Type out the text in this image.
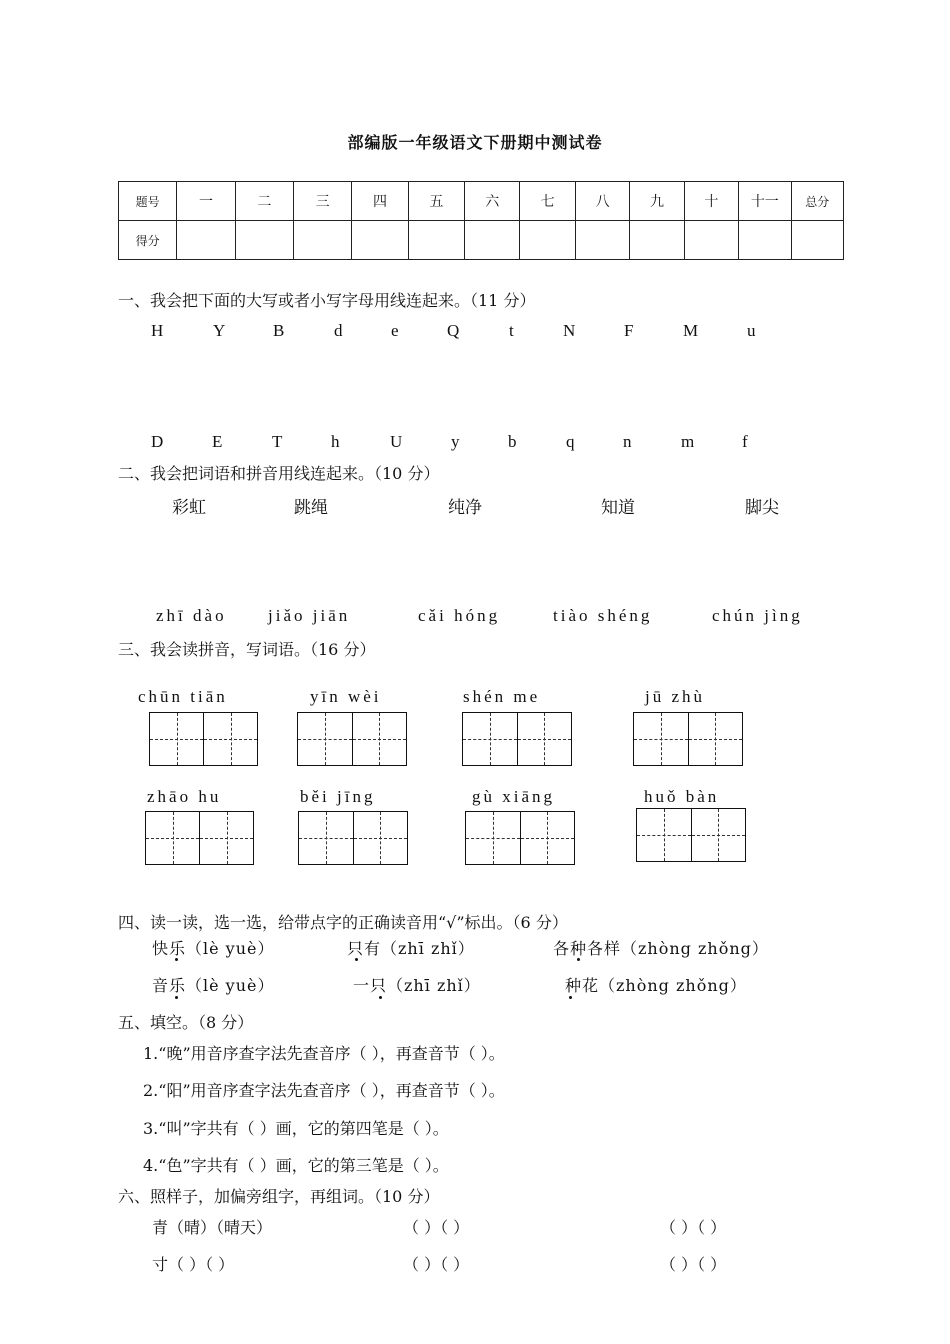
部编版一年级语文下册期中测试卷
题号	一	二	三	四	五	六	七	八	九	十	十一	总分
得分												
一、我会把下面的大写或者小写字母用线连起来。（11 分）
H	Y	B	d	e	Q	t	N	F	M	u
D	E	T	h	U	y	b	q	n	m	f
二、我会把词语和拼音用线连起来。（10 分）
彩虹	跳绳	纯净	知道	脚尖
zhī dào jiǎo jiān	cǎi hóng	tiào shéng	chún jìng
三、我会读拼音，写词语。（16 分）
chūn tiān	yīn wèi	shén me	jū zhù
zhāo hu	běi jīng	gù xiāng	huǒ bàn
四、读一读，选一选，给带点字的正确读音用“√”标出。（6 分）
快乐（lè yuè）	只有（zhī zhǐ）	各种各样（zhòng zhǒng）
音乐（lè yuè）	一只（zhī zhǐ）	种花（zhòng zhǒng）
五、填空。（8 分）
1.“晚”用音序查字法先查音序（ ），再查音节（ ）。
2.“阳”用音序查字法先查音序（ ），再查音节（ ）。
3.“叫”字共有（ ）画，它的第四笔是（ ）。
4.“色”字共有（ ）画，它的第三笔是（ ）。
六、照样子，加偏旁组字，再组词。（10 分）
青（晴）（晴天）	（ ）（ ）	（ ）（ ）
寸（ ）（ ）	（ ）（ ）	（ ）（ ）
